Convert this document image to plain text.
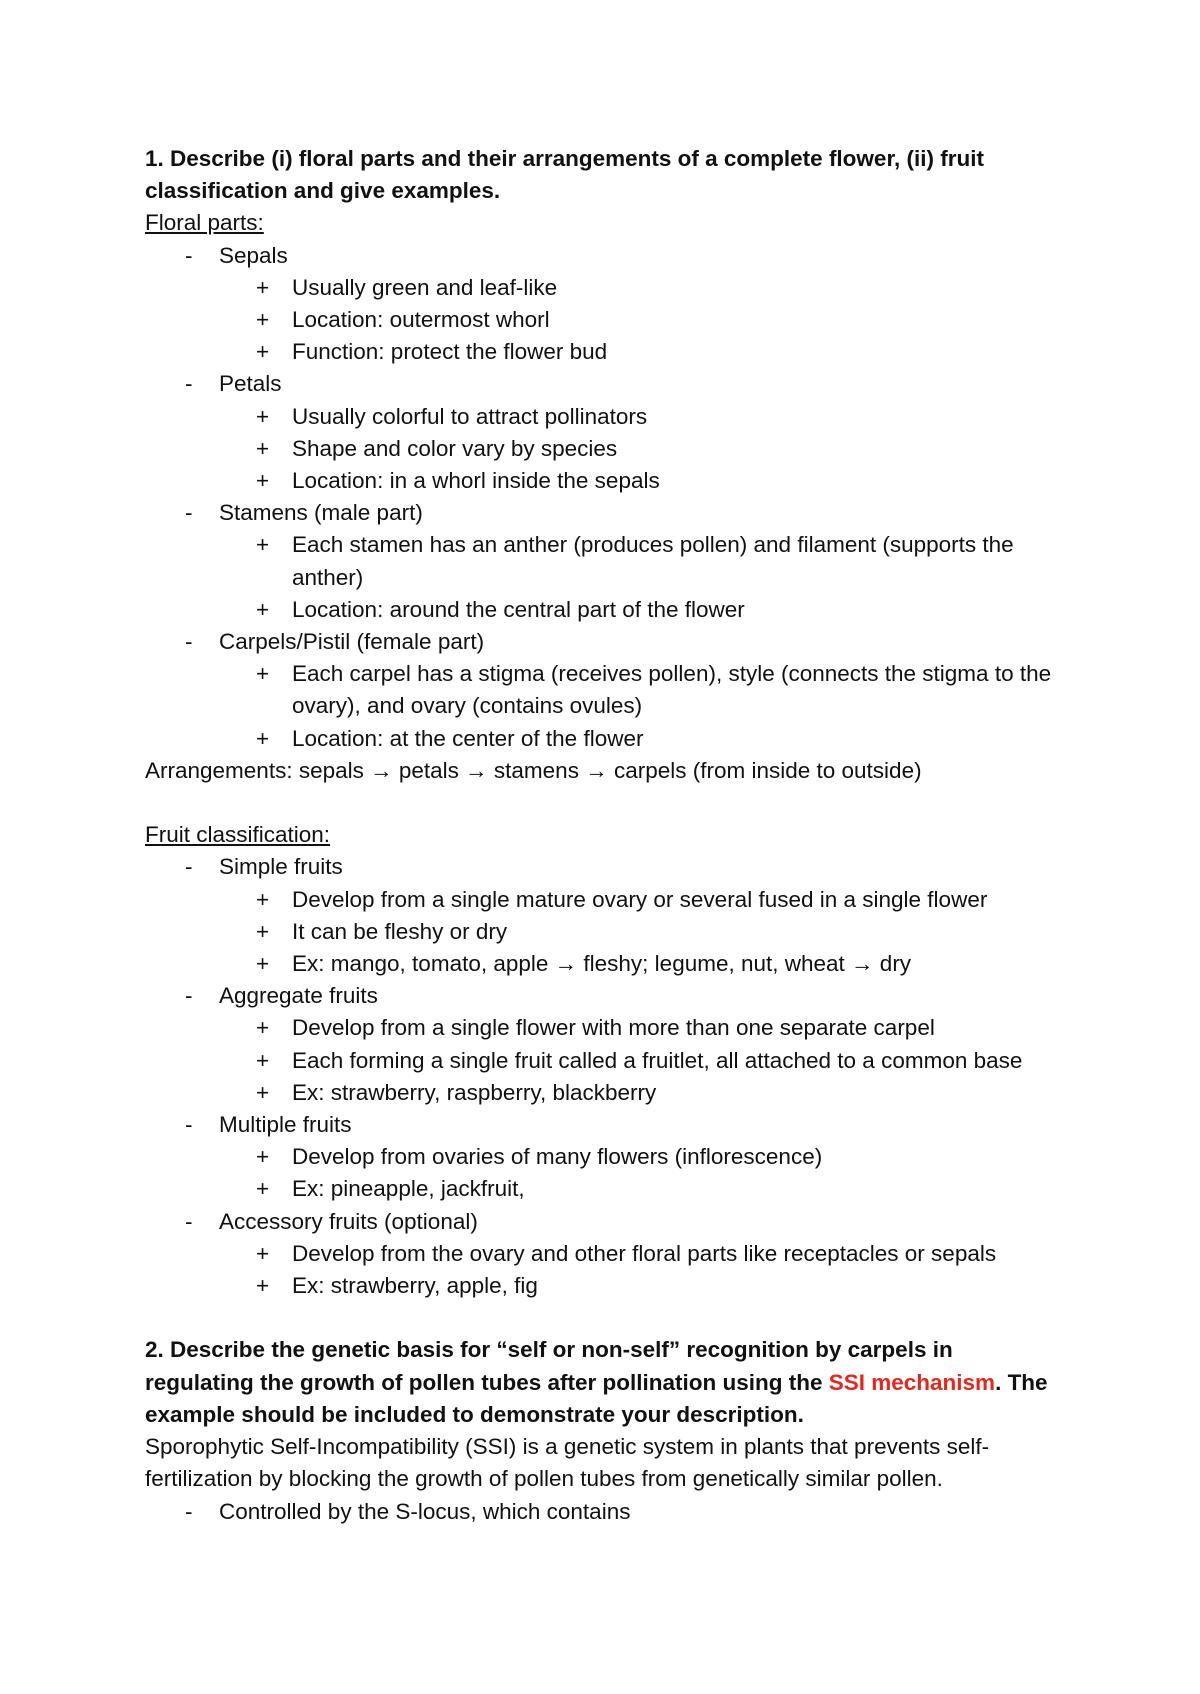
1. Describe (i) floral parts and their arrangements of a complete flower, (ii) fruit classification and give examples.
Floral parts:
- Sepals
+ Usually green and leaf-like
+ Location: outermost whorl
+ Function: protect the flower bud
- Petals
+ Usually colorful to attract pollinators
+ Shape and color vary by species
+ Location: in a whorl inside the sepals
- Stamens (male part)
+ Each stamen has an anther (produces pollen) and filament (supports the anther)
+ Location: around the central part of the flower
- Carpels/Pistil (female part)
+ Each carpel has a stigma (receives pollen), style (connects the stigma to the ovary), and ovary (contains ovules)
+ Location: at the center of the flower
Arrangements: sepals → petals → stamens → carpels (from inside to outside)
Fruit classification:
- Simple fruits
+ Develop from a single mature ovary or several fused in a single flower
+ It can be fleshy or dry
+ Ex: mango, tomato, apple → fleshy; legume, nut, wheat → dry
- Aggregate fruits
+ Develop from a single flower with more than one separate carpel
+ Each forming a single fruit called a fruitlet, all attached to a common base
+ Ex: strawberry, raspberry, blackberry
- Multiple fruits
+ Develop from ovaries of many flowers (inflorescence)
+ Ex: pineapple, jackfruit,
- Accessory fruits (optional)
+ Develop from the ovary and other floral parts like receptacles or sepals
+ Ex: strawberry, apple, fig
2. Describe the genetic basis for “self or non-self” recognition by carpels in regulating the growth of pollen tubes after pollination using the SSI mechanism. The example should be included to demonstrate your description.
Sporophytic Self-Incompatibility (SSI) is a genetic system in plants that prevents self-fertilization by blocking the growth of pollen tubes from genetically similar pollen.
- Controlled by the S-locus, which contains
